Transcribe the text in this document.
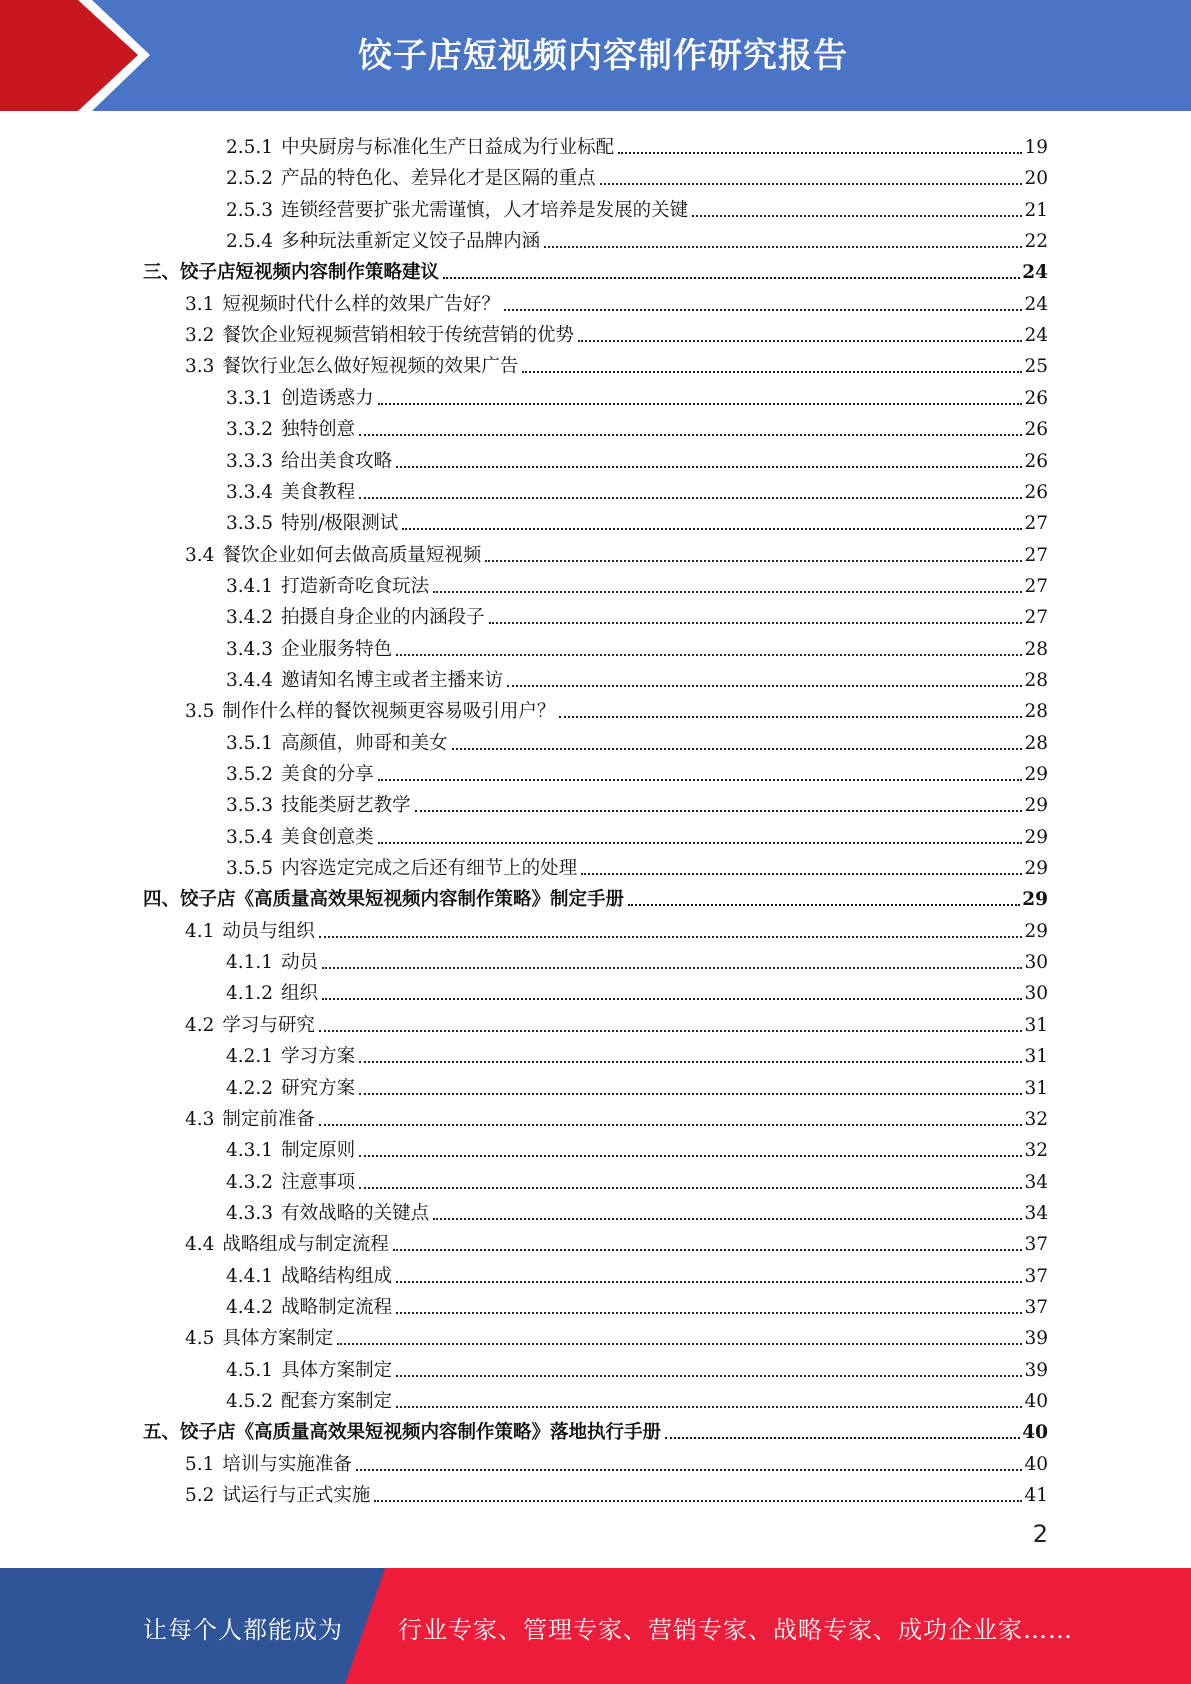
饺子店短视频内容制作研究报告
2.5.1 中央厨房与标准化生产日益成为行业标配	19
2.5.2 产品的特色化、差异化才是区隔的重点	20
2.5.3 连锁经营要扩张尤需谨慎，人才培养是发展的关键	21
2.5.4 多种玩法重新定义饺子品牌内涵	22
三、饺子店短视频内容制作策略建议	24
3.1 短视频时代什么样的效果广告好？	24
3.2 餐饮企业短视频营销相较于传统营销的优势	24
3.3 餐饮行业怎么做好短视频的效果广告	25
3.3.1 创造诱惑力	26
3.3.2 独特创意	26
3.3.3 给出美食攻略	26
3.3.4 美食教程	26
3.3.5 特别/极限测试	27
3.4 餐饮企业如何去做高质量短视频	27
3.4.1 打造新奇吃食玩法	27
3.4.2 拍摄自身企业的内涵段子	27
3.4.3 企业服务特色	28
3.4.4 邀请知名博主或者主播来访	28
3.5 制作什么样的餐饮视频更容易吸引用户？	28
3.5.1 高颜值，帅哥和美女	28
3.5.2 美食的分享	29
3.5.3 技能类厨艺教学	29
3.5.4 美食创意类	29
3.5.5 内容选定完成之后还有细节上的处理	29
四、饺子店《高质量高效果短视频内容制作策略》制定手册	29
4.1 动员与组织	29
4.1.1 动员	30
4.1.2 组织	30
4.2 学习与研究	31
4.2.1 学习方案	31
4.2.2 研究方案	31
4.3 制定前准备	32
4.3.1 制定原则	32
4.3.2 注意事项	34
4.3.3 有效战略的关键点	34
4.4 战略组成与制定流程	37
4.4.1 战略结构组成	37
4.4.2 战略制定流程	37
4.5 具体方案制定	39
4.5.1 具体方案制定	39
4.5.2 配套方案制定	40
五、饺子店《高质量高效果短视频内容制作策略》落地执行手册	40
5.1 培训与实施准备	40
5.2 试运行与正式实施	41
2
让每个人都能成为 行业专家、管理专家、营销专家、战略专家、成功企业家……
